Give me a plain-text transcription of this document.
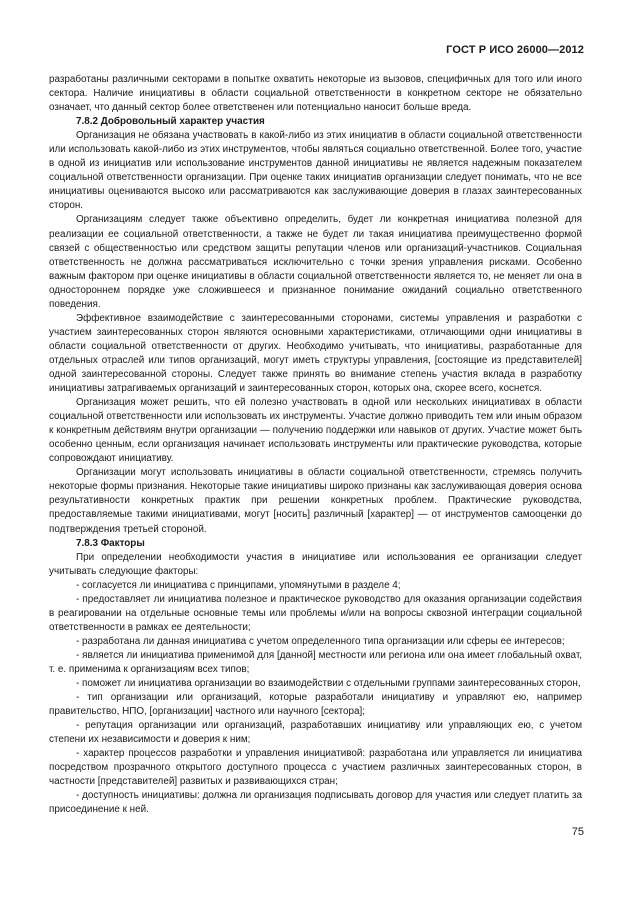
ГОСТ Р ИСО 26000—2012

разработаны различными секторами в попытке охватить некоторые из вызовов, специфичных для того или иного сектора. Наличие инициативы в области социальной ответственности в конкретном секторе не обязательно означает, что данный сектор более ответственен или потенциально наносит больше вреда.

7.8.2 Добровольный характер участия

Организация не обязана участвовать в какой-либо из этих инициатив в области социальной ответственности или использовать какой-либо из этих инструментов, чтобы являться социально ответственной. Более того, участие в одной из инициатив или использование инструментов данной инициативы не является надежным показателем социальной ответственности организации. При оценке таких инициатив организации следует понимать, что не все инициативы оцениваются высоко или рассматриваются как заслуживающие доверия в глазах заинтересованных сторон.

Организациям следует также объективно определить, будет ли конкретная инициатива полезной для реализации ее социальной ответственности, а также не будет ли такая инициатива преимущественно формой связей с общественностью или средством защиты репутации членов или организаций-участников. Социальная ответственность не должна рассматриваться исключительно с точки зрения управления рисками. Особенно важным фактором при оценке инициативы в области социальной ответственности является то, не меняет ли она в одностороннем порядке уже сложившееся и признанное понимание ожиданий социально ответственного поведения.

Эффективное взаимодействие с заинтересованными сторонами, системы управления и разработки с участием заинтересованных сторон являются основными характеристиками, отличающими одни инициативы в области социальной ответственности от других. Необходимо учитывать, что инициативы, разработанные для отдельных отраслей или типов организаций, могут иметь структуры управления, [состоящие из представителей] одной заинтересованной стороны. Следует также принять во внимание степень участия вклада в разработку инициативы затрагиваемых организаций и заинтересованных сторон, которых она, скорее всего, коснется.

Организация может решить, что ей полезно участвовать в одной или нескольких инициативах в области социальной ответственности или использовать их инструменты. Участие должно приводить тем или иным образом к конкретным действиям внутри организации — получению поддержки или навыков от других. Участие может быть особенно ценным, если организация начинает использовать инструменты или практические руководства, которые сопровождают инициативу.

Организации могут использовать инициативы в области социальной ответственности, стремясь получить некоторые формы признания. Некоторые такие инициативы широко признаны как заслуживающая доверия основа результативности конкретных практик при решении конкретных проблем. Практические руководства, предоставляемые такими инициативами, могут [носить] различный [характер] — от инструментов самооценки до подтверждения третьей стороной.

7.8.3 Факторы

При определении необходимости участия в инициативе или использования ее организации следует учитывать следующие факторы:

- согласуется ли инициатива с принципами, упомянутыми в разделе 4;

- предоставляет ли инициатива полезное и практическое руководство для оказания организации содействия в реагировании на отдельные основные темы или проблемы и/или на вопросы сквозной интеграции социальной ответственности в рамках ее деятельности;

- разработана ли данная инициатива с учетом определенного типа организации или сферы ее интересов;

- является ли инициатива применимой для [данной] местности или региона или она имеет глобальный охват, т. е. применима к организациям всех типов;

- поможет ли инициатива организации во взаимодействии с отдельными группами заинтересованных сторон,

- тип организации или организаций, которые разработали инициативу и управляют ею, например правительство, НПО, [организации] частного или научного [сектора];

- репутация организации или организаций, разработавших инициативу или управляющих ею, с учетом степени их независимости и доверия к ним;

- характер процессов разработки и управления инициативой: разработана или управляется ли инициатива посредством прозрачного открытого доступного процесса с участием различных заинтересованных сторон, в частности [представителей] развитых и развивающихся стран;

- доступность инициативы: должна ли организация подписывать договор для участия или следует платить за присоединение к ней.

75
